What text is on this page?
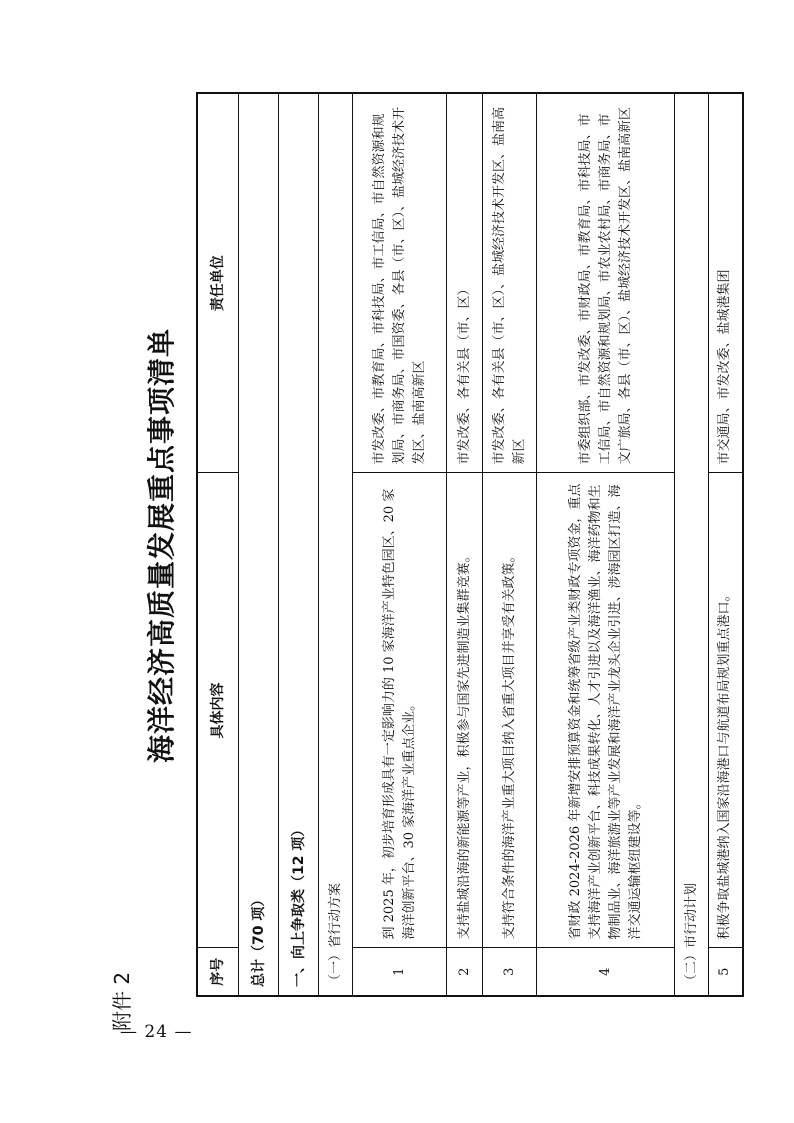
— 24 —
附件 2
海洋经济高质量发展重点事项清单
序号	具体内容	责任单位
总计（70 项）		
一、向上争取类（12 项）		
（一）省行动方案		
1	到 2025 年，初步培育形成具有一定影响力的 10 家海洋产业特色园区、20 家海洋创新平台、30 家海洋产业重点企业。	市发改委、市教育局、市科技局、市工信局、市自然资源和规划局、市商务局、市国资委、各县（市、区）、盐城经济技术开发区、盐南高新区
2	支持盐城沿海的新能源等产业，积极参与国家先进制造业集群竞赛。	市发改委、各有关县（市、区）
3	支持符合条件的海洋产业重大项目纳入省重大项目并享受有关政策。	市发改委、各有关县（市、区）、盐城经济技术开发区、盐南高新区
4	省财政 2024-2026 年新增安排预算资金和统筹省级产业类财政专项资金，重点支持海洋产业创新平台、科技成果转化、人才引进以及海洋渔业、海洋药物和生物制品业、海洋旅游业等产业发展和海洋产业龙头企业引进、涉海园区打造、海洋交通运输枢纽建设等。	市委组织部、市发改委、市财政局、市教育局、市科技局、市工信局、市自然资源和规划局、市农业农村局、市商务局、市文广旅局、各县（市、区）、盐城经济技术开发区、盐南高新区
（二）市行动计划		
5	积极争取盐城港纳入国家沿海港口与航道布局规划重点港口。	市交通局、市发改委、盐城港集团
